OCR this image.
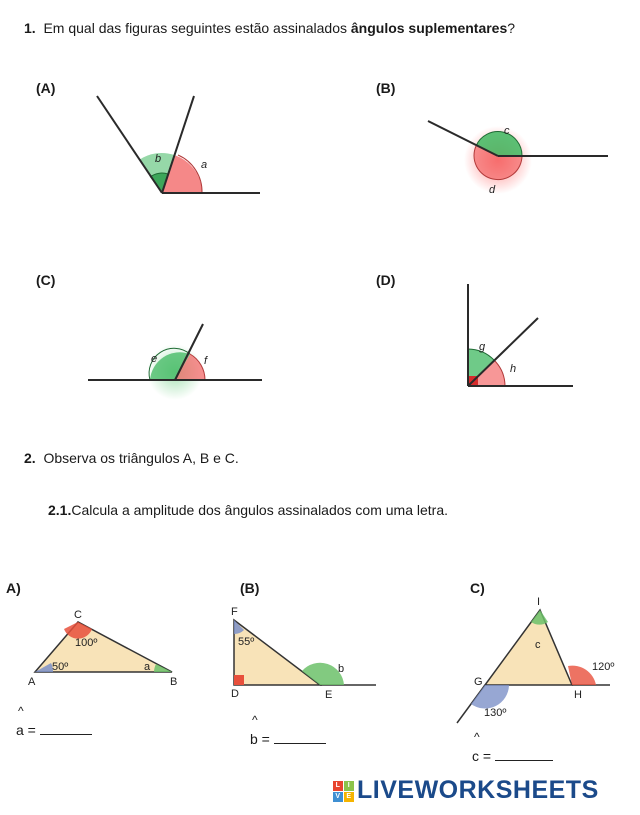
1. Em qual das figuras seguintes estão assinalados ângulos suplementares?
(A)	(B)
(C)	(D)
b	a
c
d
e	f
g
h
2. Observa os triângulos A, B e C.
2.1.Calcula a amplitude dos ângulos assinalados com uma letra.
A)	(B)	C)
C
A	B
50º
100º
a
F
D	E
55º
b
I
G
H
c
120º
130º
^
a =
^
b =	^
c =
L	I
V E LIVEWORKSHEETS
